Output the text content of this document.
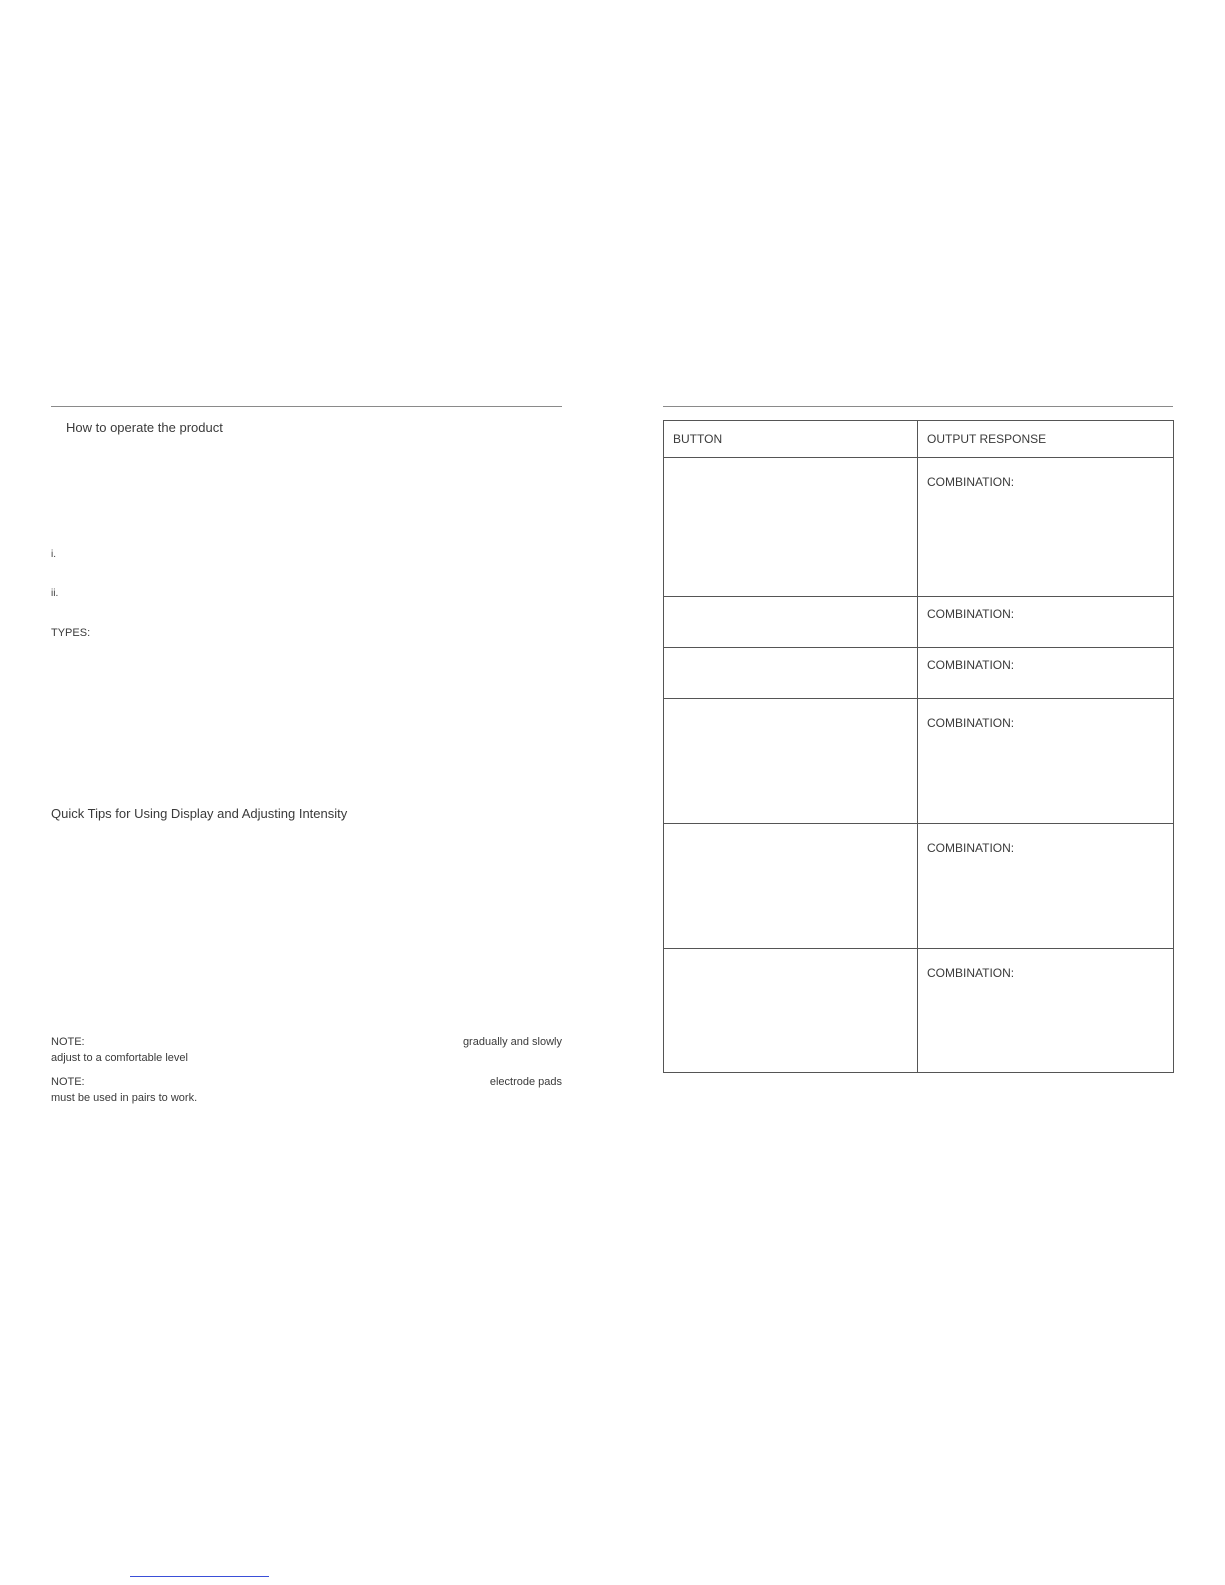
How to operate the product
i.
ii.
TYPES:
Quick Tips for Using Display and Adjusting Intensity
NOTE:	gradually and slowly
adjust to a comfortable level
NOTE:	electrode pads
must be used in pairs to work.
BUTTON	OUTPUT RESPONSE

	COMBINATION:

	COMBINATION:

	COMBINATION:

	COMBINATION:

	COMBINATION:

	COMBINATION:
